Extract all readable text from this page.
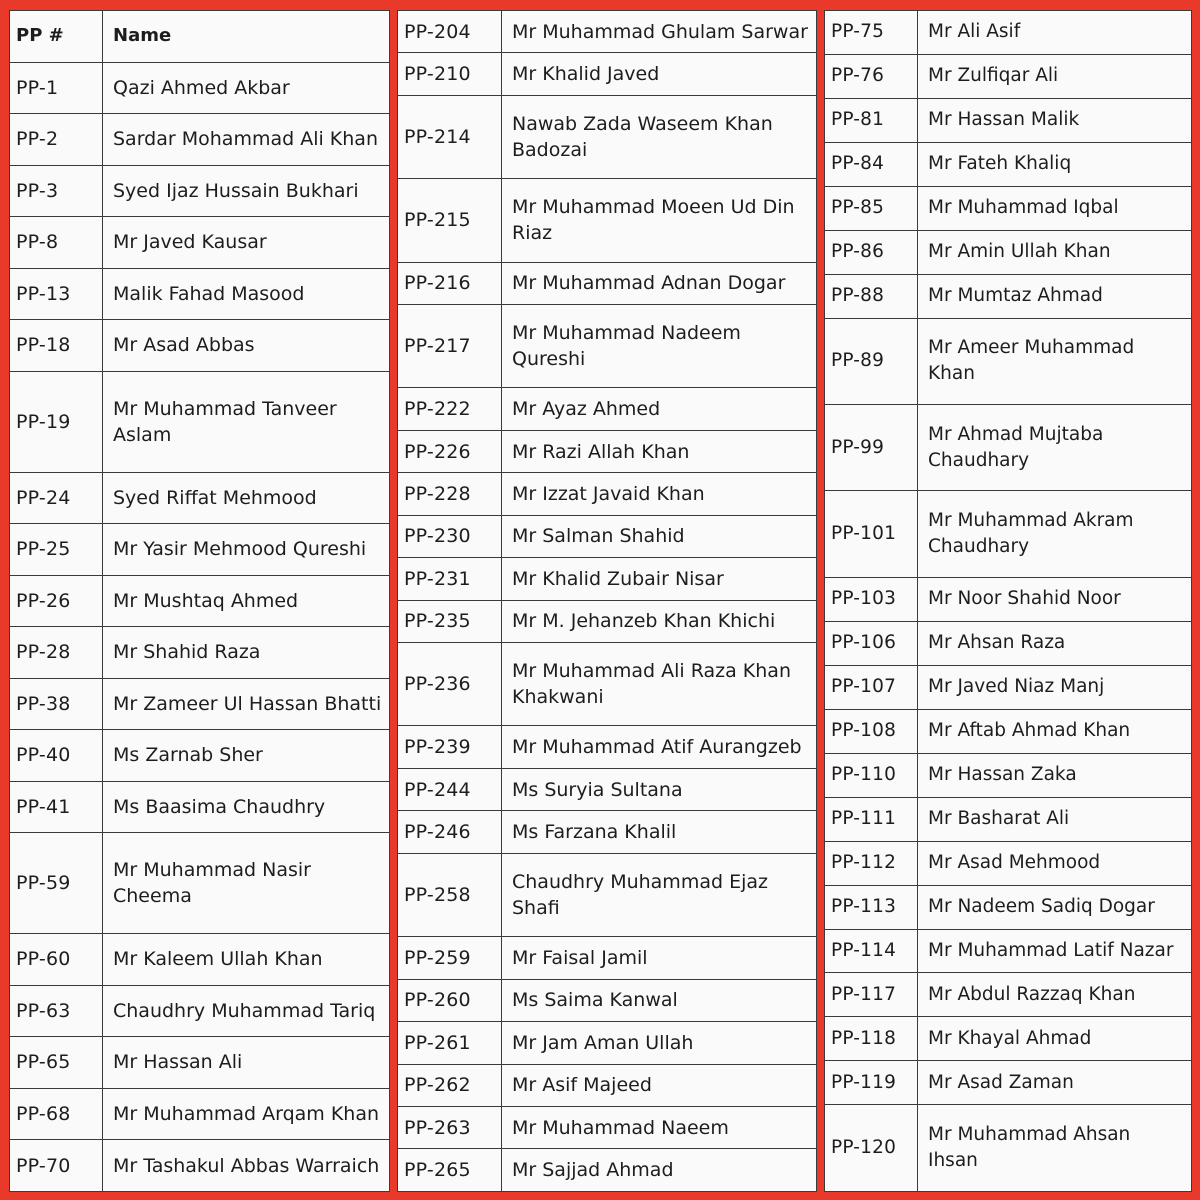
PP #	Name
PP-1	Qazi Ahmed Akbar
PP-2	Sardar Mohammad Ali Khan
PP-3	Syed Ijaz Hussain Bukhari
PP-8	Mr Javed Kausar
PP-13	Malik Fahad Masood
PP-18	Mr Asad Abbas
PP-19	Mr Muhammad Tanveer Aslam
PP-24	Syed Riffat Mehmood
PP-25	Mr Yasir Mehmood Qureshi
PP-26	Mr Mushtaq Ahmed
PP-28	Mr Shahid Raza
PP-38	Mr Zameer Ul Hassan Bhatti
PP-40	Ms Zarnab Sher
PP-41	Ms Baasima Chaudhry
PP-59	Mr Muhammad Nasir Cheema
PP-60	Mr Kaleem Ullah Khan
PP-63	Chaudhry Muhammad Tariq
PP-65	Mr Hassan Ali
PP-68	Mr Muhammad Arqam Khan
PP-70	Mr Tashakul Abbas Warraich
PP-204	Mr Muhammad Ghulam Sarwar
PP-210	Mr Khalid Javed
PP-214	Nawab Zada Waseem Khan Badozai
PP-215	Mr Muhammad Moeen Ud Din Riaz
PP-216	Mr Muhammad Adnan Dogar
PP-217	Mr Muhammad Nadeem Qureshi
PP-222	Mr Ayaz Ahmed
PP-226	Mr Razi Allah Khan
PP-228	Mr Izzat Javaid Khan
PP-230	Mr Salman Shahid
PP-231	Mr Khalid Zubair Nisar
PP-235	Mr M. Jehanzeb Khan Khichi
PP-236	Mr Muhammad Ali Raza Khan Khakwani
PP-239	Mr Muhammad Atif Aurangzeb
PP-244	Ms Suryia Sultana
PP-246	Ms Farzana Khalil
PP-258	Chaudhry Muhammad Ejaz Shafi
PP-259	Mr Faisal Jamil
PP-260	Ms Saima Kanwal
PP-261	Mr Jam Aman Ullah
PP-262	Mr Asif Majeed
PP-263	Mr Muhammad Naeem
PP-265	Mr Sajjad Ahmad
PP-75	Mr Ali Asif
PP-76	Mr Zulfiqar Ali
PP-81	Mr Hassan Malik
PP-84	Mr Fateh Khaliq
PP-85	Mr Muhammad Iqbal
PP-86	Mr Amin Ullah Khan
PP-88	Mr Mumtaz Ahmad
PP-89	Mr Ameer Muhammad Khan
PP-99	Mr Ahmad Mujtaba Chaudhary
PP-101	Mr Muhammad Akram Chaudhary
PP-103	Mr Noor Shahid Noor
PP-106	Mr Ahsan Raza
PP-107	Mr Javed Niaz Manj
PP-108	Mr Aftab Ahmad Khan
PP-110	Mr Hassan Zaka
PP-111	Mr Basharat Ali
PP-112	Mr Asad Mehmood
PP-113	Mr Nadeem Sadiq Dogar
PP-114	Mr Muhammad Latif Nazar
PP-117	Mr Abdul Razzaq Khan
PP-118	Mr Khayal Ahmad
PP-119	Mr Asad Zaman
PP-120	Mr Muhammad Ahsan Ihsan
